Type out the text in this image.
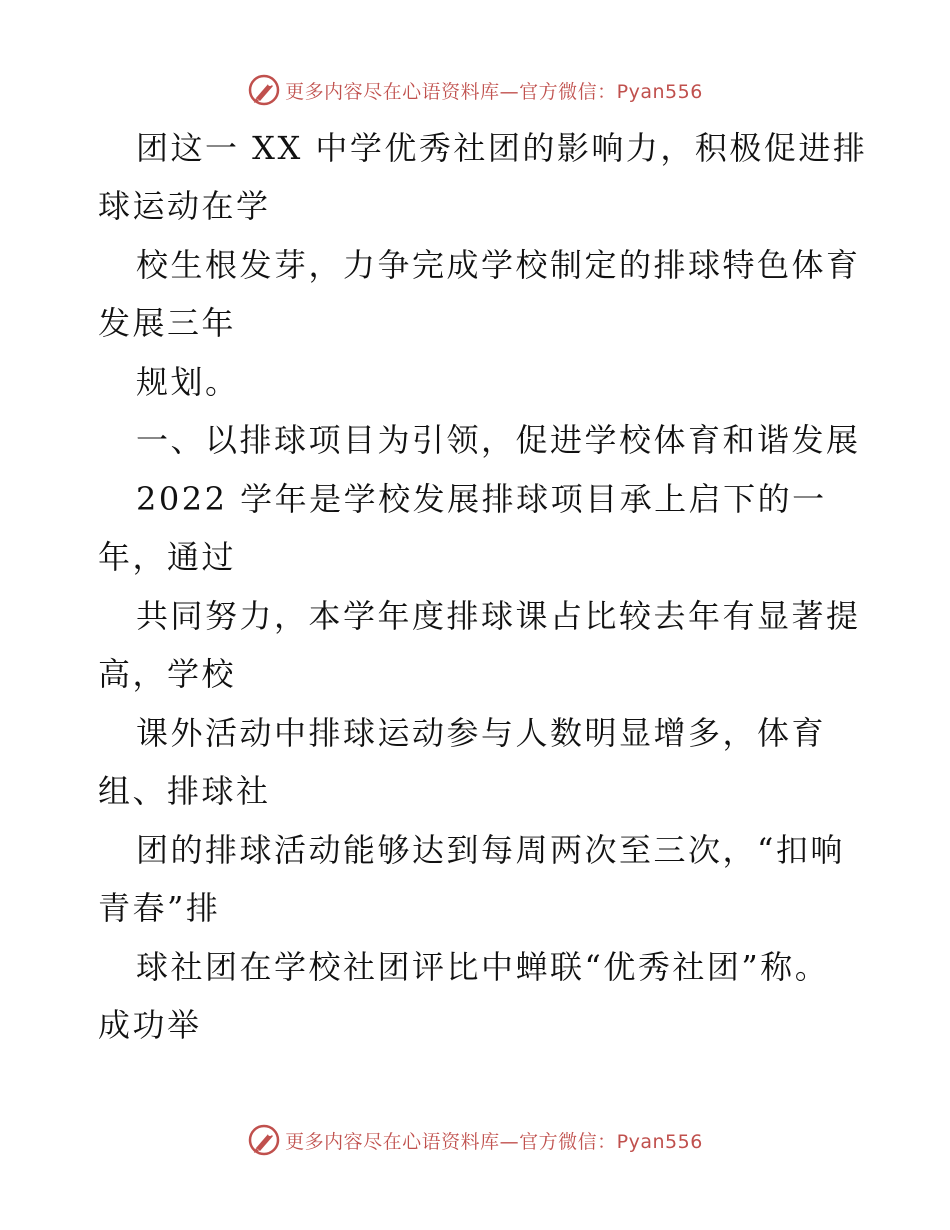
更多内容尽在心语资料库—官方微信：Pyan556
团这一 XX 中学优秀社团的影响力，积极促进排
球运动在学
校生根发芽，力争完成学校制定的排球特色体育
发展三年
规划。
一、以排球项目为引领，促进学校体育和谐发展
2022 学年是学校发展排球项目承上启下的一
年，通过
共同努力，本学年度排球课占比较去年有显著提
高，学校
课外活动中排球运动参与人数明显增多，体育
组、排球社
团的排球活动能够达到每周两次至三次，“扣响
青春”排
球社团在学校社团评比中蝉联“优秀社团”称。
成功举
更多内容尽在心语资料库—官方微信：Pyan556
